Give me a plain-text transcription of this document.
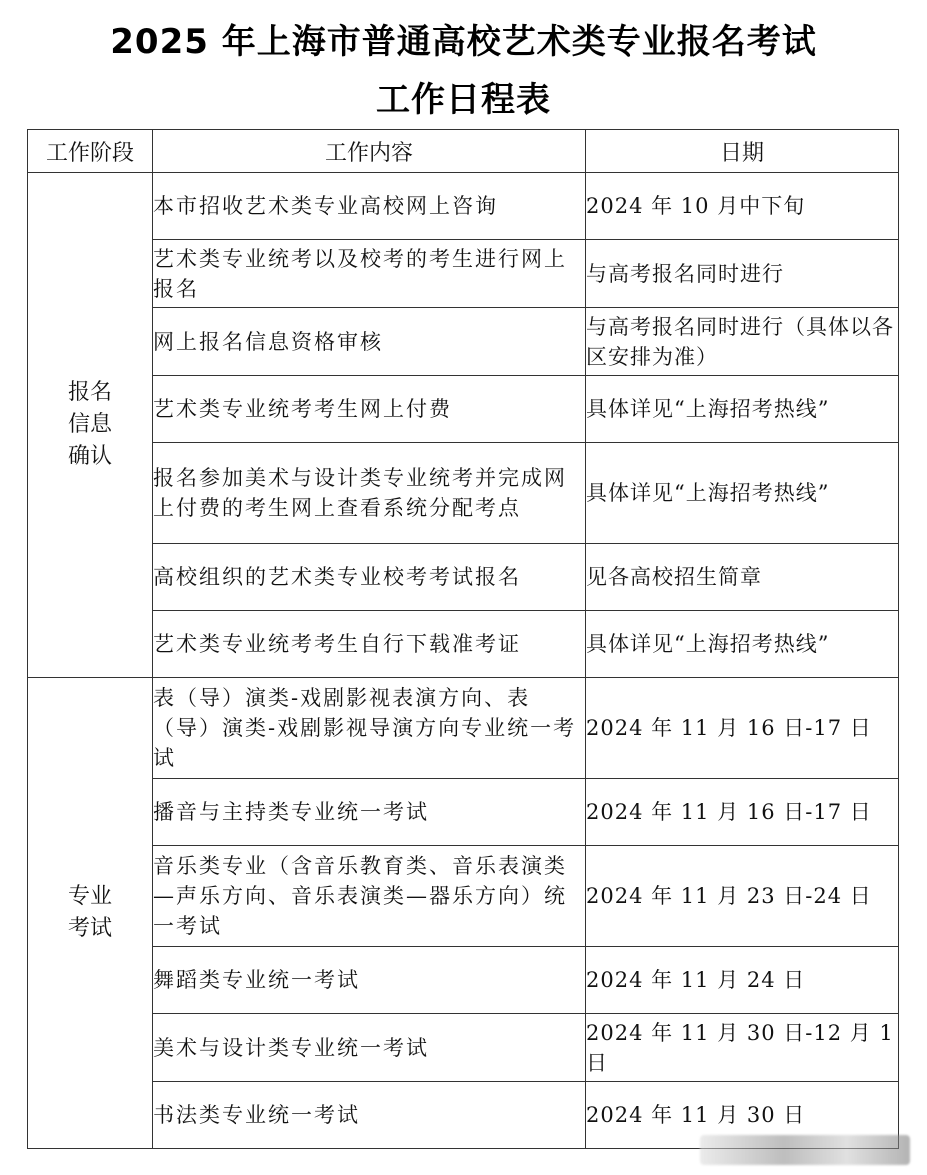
2025 年上海市普通高校艺术类专业报名考试
工作日程表
工作阶段	工作内容	日期
报名信息确认	本市招收艺术类专业高校网上咨询	2024 年 10 月中下旬
	艺术类专业统考以及校考的考生进行网上报名	与高考报名同时进行
	网上报名信息资格审核	与高考报名同时进行（具体以各区安排为准）
	艺术类专业统考考生网上付费	具体详见“上海招考热线”
	报名参加美术与设计类专业统考并完成网上付费的考生网上查看系统分配考点	具体详见“上海招考热线”
	高校组织的艺术类专业校考考试报名	见各高校招生简章
	艺术类专业统考考生自行下载准考证	具体详见“上海招考热线”
专业考试	表（导）演类-戏剧影视表演方向、表（导）演类-戏剧影视导演方向专业统一考试	2024 年 11 月 16 日-17 日
	播音与主持类专业统一考试	2024 年 11 月 16 日-17 日
	音乐类专业（含音乐教育类、音乐表演类—声乐方向、音乐表演类—器乐方向）统一考试	2024 年 11 月 23 日-24 日
	舞蹈类专业统一考试	2024 年 11 月 24 日
	美术与设计类专业统一考试	2024 年 11 月 30 日-12 月 1 日
	书法类专业统一考试	2024 年 11 月 30 日
